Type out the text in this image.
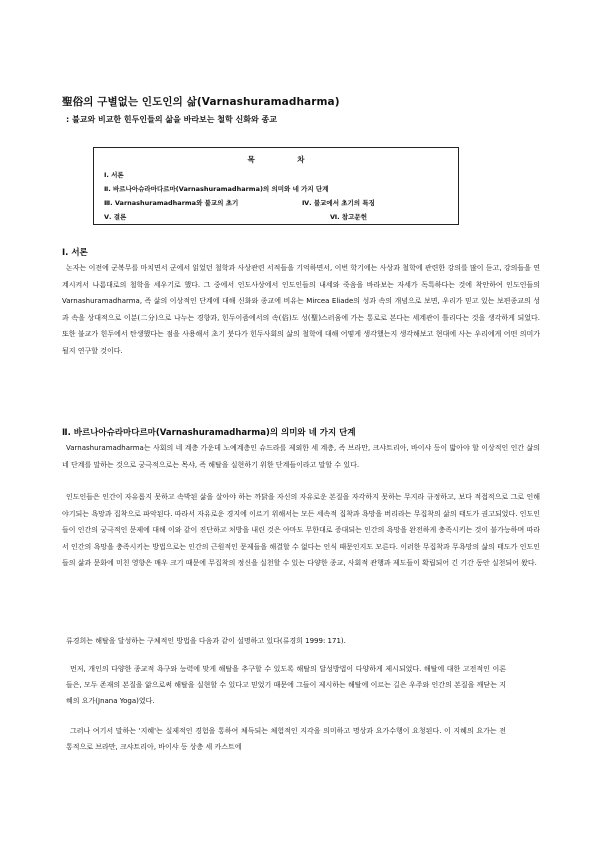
聖俗의 구별없는 인도인의 삶(Varnashuramadharma)
: 불교와 비교한 힌두인들의 삶을 바라보는 철학 신화와 종교
목 차
Ⅰ. 서론
Ⅱ. 바르나아슈라마다르마(Varnashuramadharma)의 의미와 네 가지 단계
Ⅲ. Varnashuramadharma와 불교의 초기	Ⅳ. 불교에서 초기의 특징
Ⅴ. 결론	Ⅵ. 참고문헌
Ⅰ. 서론
논자는 이전에 군복무를 마치면서 군에서 읽었던 철학과 사상관련 서적들을 기억하면서, 이번 학기에는 사상과 철학에 관련한 강의를 많이 듣고, 강의들을 연계시켜서 나름대로의 철학을 세우기로 했다. 그 중에서 인도사상에서 인도인들의 내세와 죽음을 바라보는 자세가 독특하다는 것에 착안하여 인도인들의 Varnashuramadharma, 즉 삶의 이상적인 단계에 대해 신화와 종교에 비유는 Mircea Eliade의 성과 속의 개념으로 보면, 우리가 믿고 있는 보편종교의 성과 속을 상대적으로 이분(二分)으로 나누는 경향과, 힌두이즘에서의 속(俗)도 성(聖)스러움에 가는 통로로 본다는 세계관이 틀리다는 것을 생각하게 되었다. 또한 불교가 힌두에서 탄생했다는 점을 사용해서 초기 붓다가 힌두사회의 삶의 철학에 대해 어떻게 생각했는지 생각해보고 현대에 사는 우리에게 어떤 의미가 될지 연구할 것이다.
Ⅱ. 바르나아슈라마다르마(Varnashuramadharma)의 의미와 네 가지 단계
Varnashuramadharma는 사회의 네 계층 가운데 노예계층인 슈드라를 제외한 세 계층, 즉 브라만, 크샤트리아, 바이샤 등이 밟아야 할 이상적인 인간 삶의 네 단계를 말하는 것으로 궁극적으로는 목샤, 즉 해탈을 실현하기 위한 단계들이라고 말할 수 있다.
인도인들은 인간이 자유롭지 못하고 속박된 삶을 살아야 하는 까닭을 자신의 자유로운 본질을 자각하지 못하는 무지라 규정하고, 보다 적접적으로 그로 인해 야기되는 욕망과 집착으로 파악된다. 따라서 자유로운 경지에 이르기 위해서는 모든 세속적 집착과 욕망을 버리라는 무집착의 삶의 태도가 권고되었다. 인도인들이 인간의 궁극적인 문제에 대해 이와 같이 진단하고 처방을 내린 것은 아마도 무한대로 증대되는 인간의 욕망을 완전하게 충족시키는 것이 불가능하며 따라서 인간의 욕망을 충족시키는 방법으로는 인간의 근원적인 문제들을 해결할 수 없다는 인식 때문인지도 모른다. 이러한 무집착과 무욕망의 삶의 태도가 인도인들의 삶과 문화에 미친 영향은 매우 크기 때문에 무집착의 정신을 실천할 수 있는 다양한 종교, 사회적 관행과 제도들이 확립되어 긴 기간 동안 실천되어 왔다.
류경희는 해탈을 달성하는 구체적인 방법을 다음과 같이 설명하고 있다(류경희 1999: 171).
먼저, 개인의 다양한 종교적 욕구와 능력에 맞게 해탈을 추구할 수 있도록 해탈의 달성방법이 다양하게 제시되었다. 해탈에 대한 고전적인 이론들은, 모두 존재의 본질을 앎으로써 해탈을 실현할 수 있다고 믿었기 때문에 그들이 제시하는 해탈에 이르는 길은 우주와 인간의 본질을 깨닫는 지혜의 요가(Jnana Yoga)였다.
그러나 여기서 말하는 '지혜'는 실제적인 경험을 통하여 체득되는 체험적인 지각을 의미하고 명상과 요가수행이 요청된다. 이 지혜의 요가는 전통적으로 브라만, 크샤트리아, 바이샤 등 상층 세 카스트에
